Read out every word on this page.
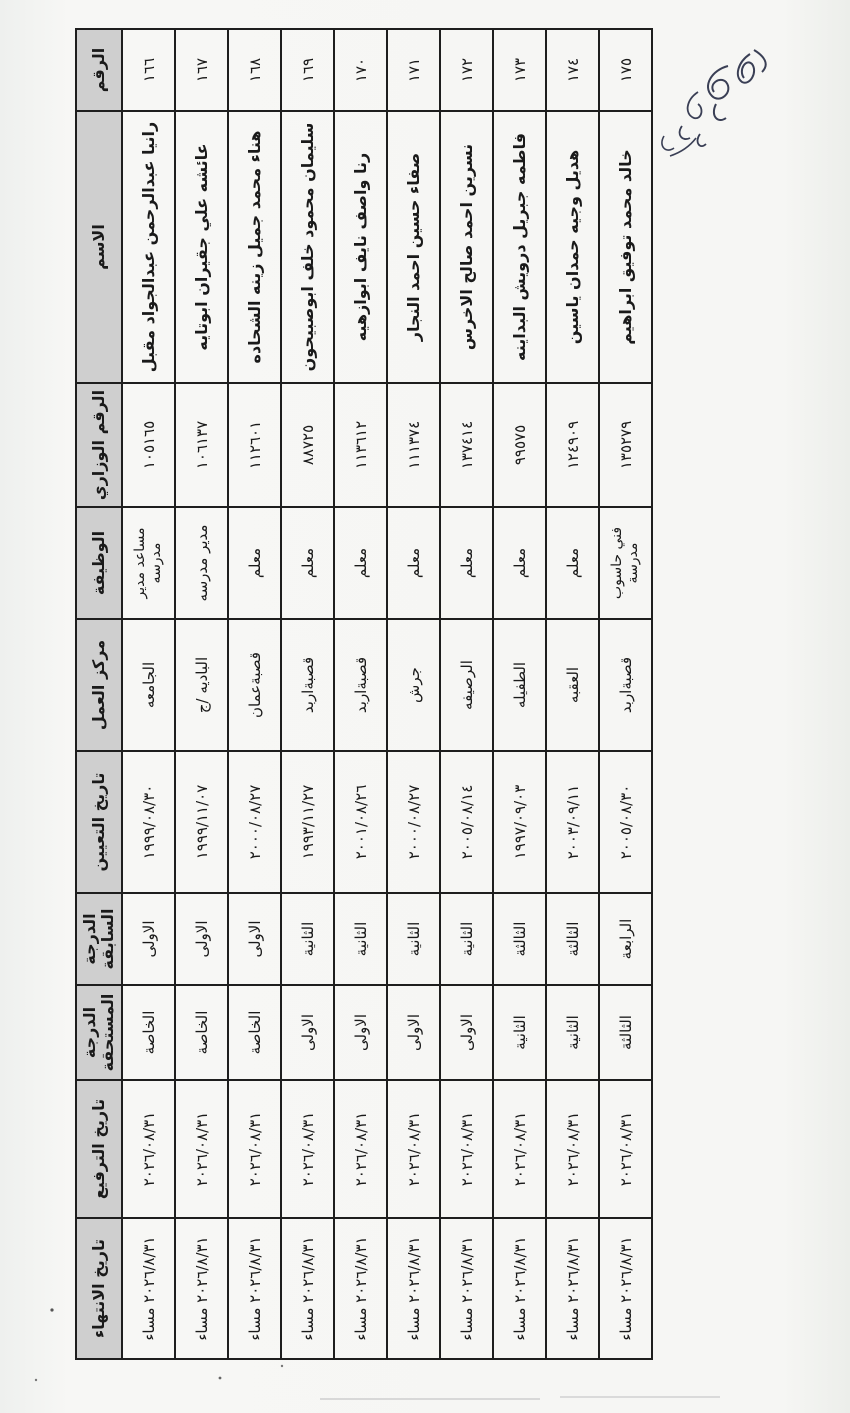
الرقم	الاسم	الرقم الوزاري	الوظيفة	مركز العمل	تاريخ التعيين	الدرجة السابقة	الدرجة المستحقة	تاريخ الترفيع	تاريخ الانتهاء
١٦٦	رانيا عبدالرحمن عبدالجواد مقبل	١٠٥١٦٥	مساعد مدير مدرسه	الجامعه	١٩٩٩/٠٨/٣٠	الاولى	الخاصة	٢٠٢٦/٠٨/٣١	٢٠٢٦/٨/٣١ مساء
١٦٧	عائشه علي جقيران ابوتايه	١٠٦١٣٧	مدير مدرسه	الباديه /ج	١٩٩٩/١١/٠٧	الاولى	الخاصة	٢٠٢٦/٠٨/٣١	٢٠٢٦/٨/٣١ مساء
١٦٨	هناء محمد جميل زينه الشحاده	١١٢٦٠١	معلم	قصبةعمان	٢٠٠٠/٠٨/٢٧	الاولى	الخاصة	٢٠٢٦/٠٨/٣١	٢٠٢٦/٨/٣١ مساء
١٦٩	سليمان محمود خلف ابوصبيحون	٨٨٧٢٥	معلم	قصبةاربد	١٩٩٣/١١/٢٧	الثانية	الاولى	٢٠٢٦/٠٨/٣١	٢٠٢٦/٨/٣١ مساء
١٧٠	رنا واصف نايف ابوازهيه	١١٣٦١٢	معلم	قصبةاربد	٢٠٠١/٠٨/٢٦	الثانية	الاولى	٢٠٢٦/٠٨/٣١	٢٠٢٦/٨/٣١ مساء
١٧١	صفاء حسين احمد النجار	١١١٣٧٤	معلم	جرش	٢٠٠٠/٠٨/٢٧	الثانية	الاولى	٢٠٢٦/٠٨/٣١	٢٠٢٦/٨/٣١ مساء
١٧٢	نسرين احمد صالح الاخرس	١٣٧٤١٤	معلم	الرصيفه	٢٠٠٥/٠٨/١٤	الثانية	الاولى	٢٠٢٦/٠٨/٣١	٢٠٢٦/٨/٣١ مساء
١٧٣	فاطمه جبريل درويش البداينه	٩٩٥٧٥	معلم	الطفيله	١٩٩٧/٠٩/٠٣	الثالثة	الثانية	٢٠٢٦/٠٨/٣١	٢٠٢٦/٨/٣١ مساء
١٧٤	هديل وجيه حمدان ياسين	١٢٤٩٠٩	معلم	العقبه	٢٠٠٣/٠٩/١١	الثالثة	الثانية	٢٠٢٦/٠٨/٣١	٢٠٢٦/٨/٣١ مساء
١٧٥	خالد محمد توفيق ابراهيم	١٣٥٢٧٩	فني حاسوب مدرسة	قصبةاربد	٢٠٠٥/٠٨/٣٠	الرابعة	الثالثة	٢٠٢٦/٠٨/٣١	٢٠٢٦/٨/٣١ مساء
